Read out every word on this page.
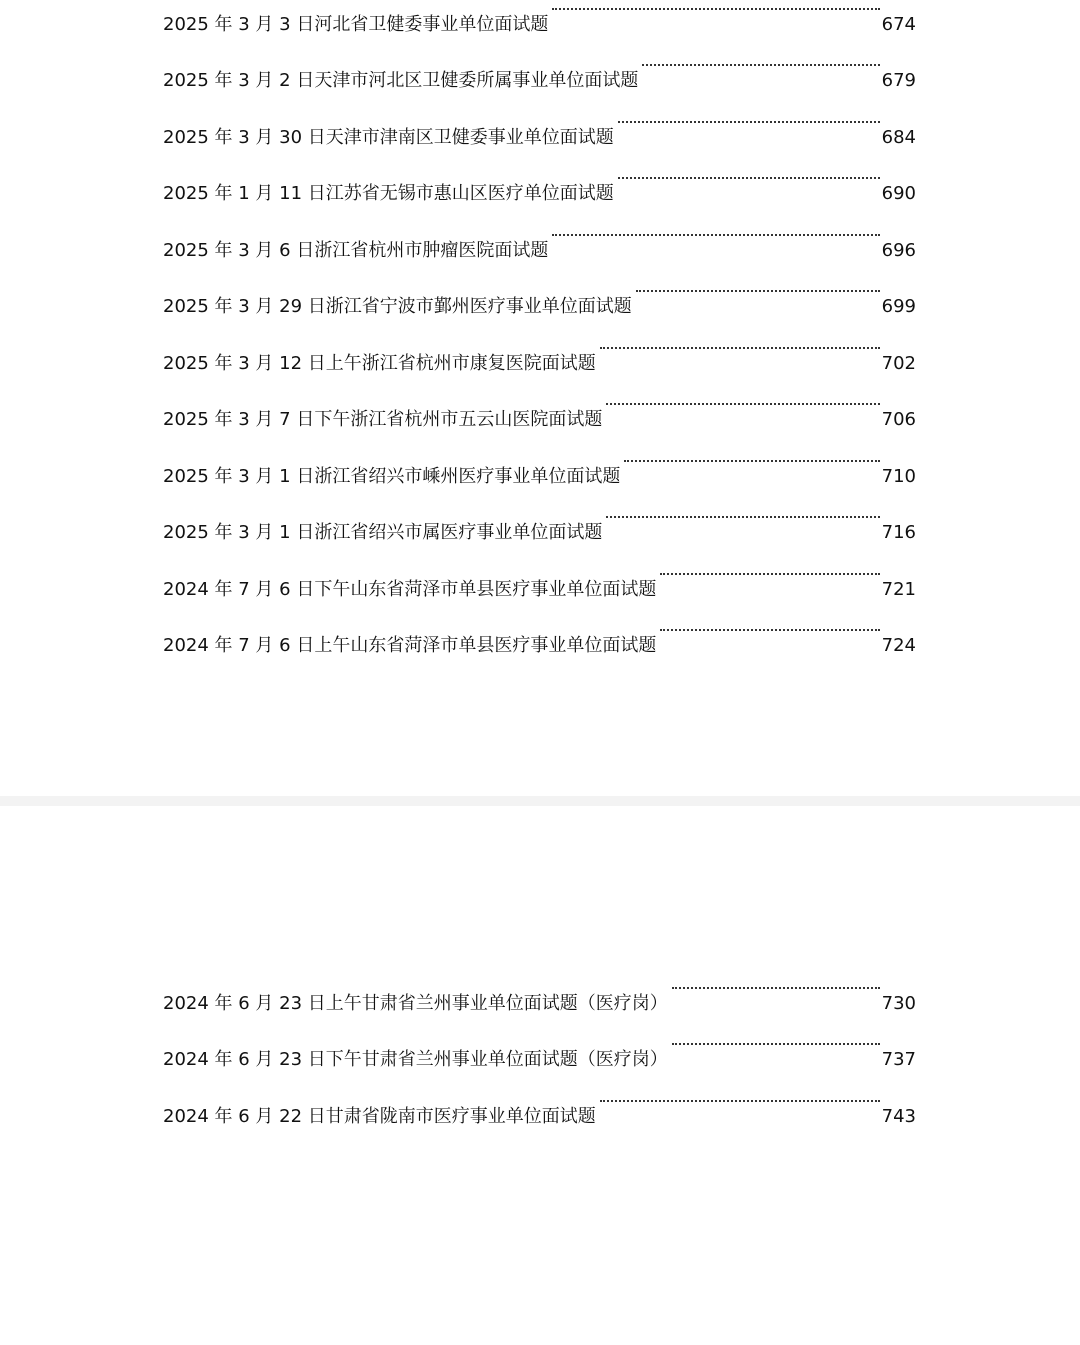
2025 年 3 月 3 日河北省卫健委事业单位面试题	674
2025 年 3 月 2 日天津市河北区卫健委所属事业单位面试题	679
2025 年 3 月 30 日天津市津南区卫健委事业单位面试题	684
2025 年 1 月 11 日江苏省无锡市惠山区医疗单位面试题	690
2025 年 3 月 6 日浙江省杭州市肿瘤医院面试题	696
2025 年 3 月 29 日浙江省宁波市鄞州医疗事业单位面试题	699
2025 年 3 月 12 日上午浙江省杭州市康复医院面试题	702
2025 年 3 月 7 日下午浙江省杭州市五云山医院面试题	706
2025 年 3 月 1 日浙江省绍兴市嵊州医疗事业单位面试题	710
2025 年 3 月 1 日浙江省绍兴市属医疗事业单位面试题	716
2024 年 7 月 6 日下午山东省菏泽市单县医疗事业单位面试题	721
2024 年 7 月 6 日上午山东省菏泽市单县医疗事业单位面试题	724
2024 年 6 月 23 日上午甘肃省兰州事业单位面试题（医疗岗）	730
2024 年 6 月 23 日下午甘肃省兰州事业单位面试题（医疗岗）	737
2024 年 6 月 22 日甘肃省陇南市医疗事业单位面试题	743
